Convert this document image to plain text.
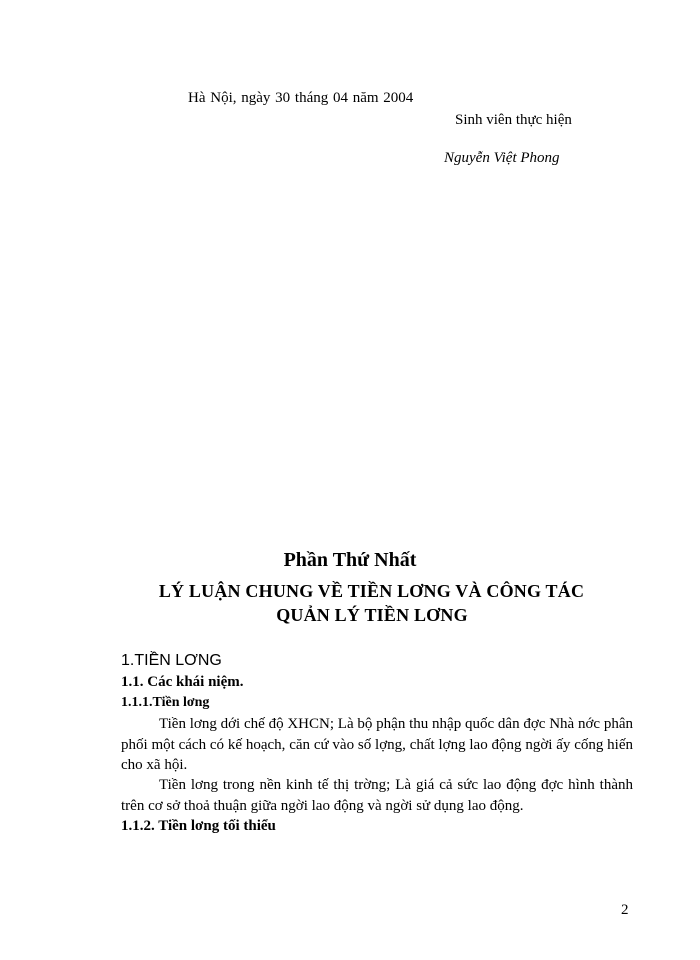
Hà Nội, ngày 30 tháng 04 năm 2004
Sinh viên thực hiện
Nguyễn Việt Phong
Phần Thứ Nhất
LÝ LUẬN CHUNG VỀ TIỀN LƠNG VÀ CÔNG TÁC
QUẢN LÝ TIỀN LƠNG
1.TIỀN LƠNG
1.1. Các khái niệm.
1.1.1.Tiền lơng
Tiền lơng dới chế độ XHCN; Là bộ phận thu nhập quốc dân đợc Nhà nớc phân phối một cách có kế hoạch, căn cứ vào số lợng, chất lợng lao động ngời ấy cống hiến cho xã hội.
Tiền lơng trong nền kinh tế thị trờng; Là giá cả sức lao động đợc hình thành trên cơ sở thoả thuận giữa ngời lao động và ngời sử dụng lao động.
1.1.2. Tiền lơng tối thiểu
2
